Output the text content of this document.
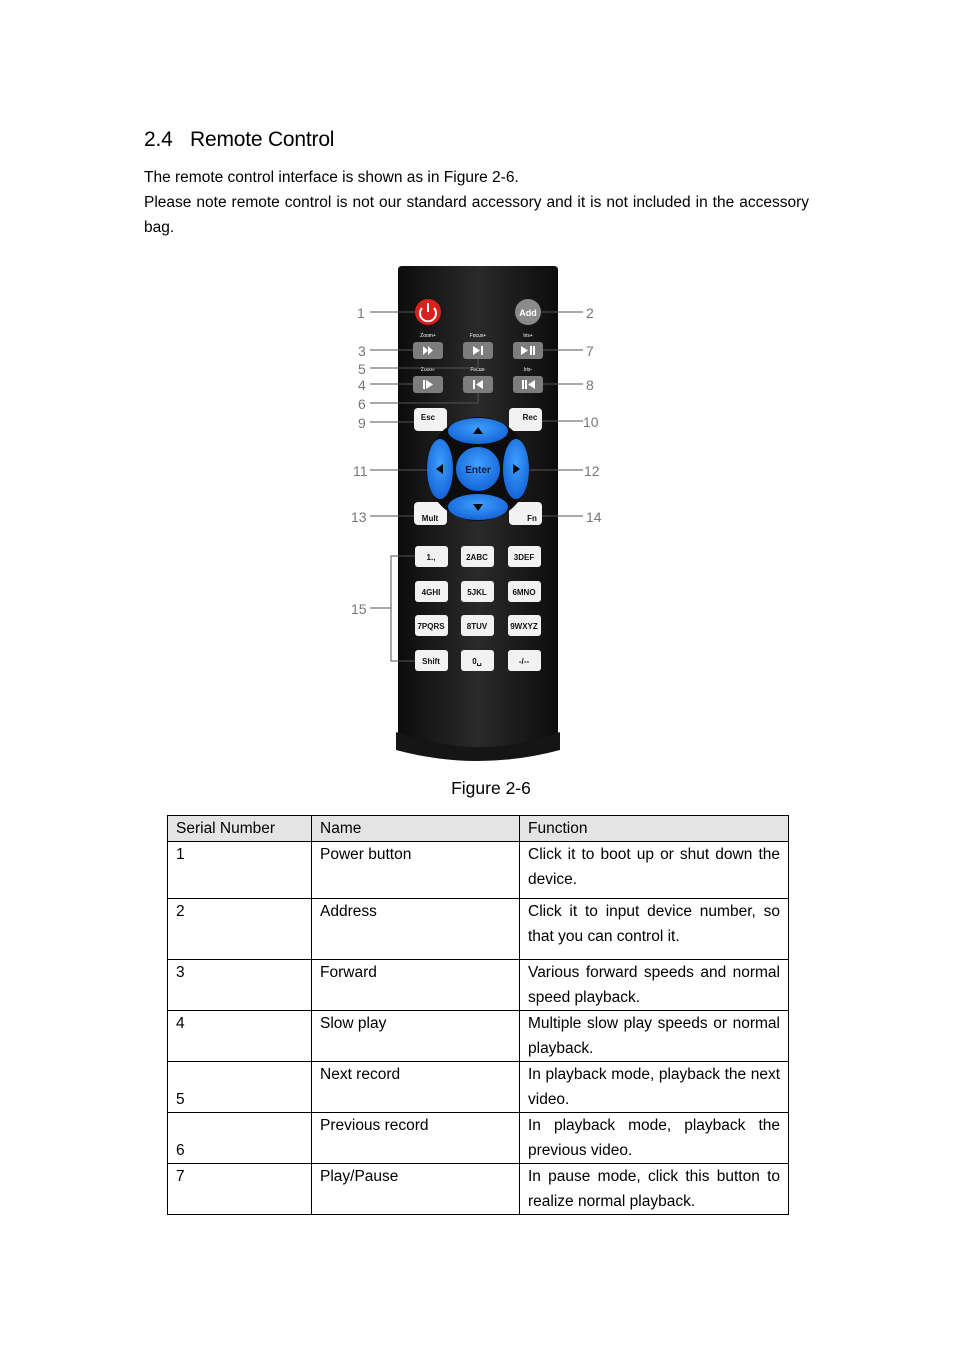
2.4 Remote Control
The remote control interface is shown as in Figure 2-6.
Please note remote control is not our standard accessory and it is not included in the accessory bag.
Add
Zoom+	Focus+	Iris+
Zoom-	Focus-	Iris-
Esc	Rec
Mult	Fn
Enter
1.,	2ABC	3DEF
4GHI	5JKL	6MNO
7PQRS	8TUV	9WXYZ
Shift	0␣	-/--
1	2
3
5
4
6
7
8
9	10
11	12
13	14
15
Figure 2-6
Serial Number	Name	Function
1	Power button	Click it to boot up or shut down the device.
2	Address	Click it to input device number, so that you can control it.
3	Forward	Various forward speeds and normal speed playback.
4	Slow play	Multiple slow play speeds or normal playback.
5	Next record	In playback mode, playback the next video.
6	Previous record	In playback mode, playback the previous video.
7	Play/Pause	In pause mode, click this button to realize normal playback.
